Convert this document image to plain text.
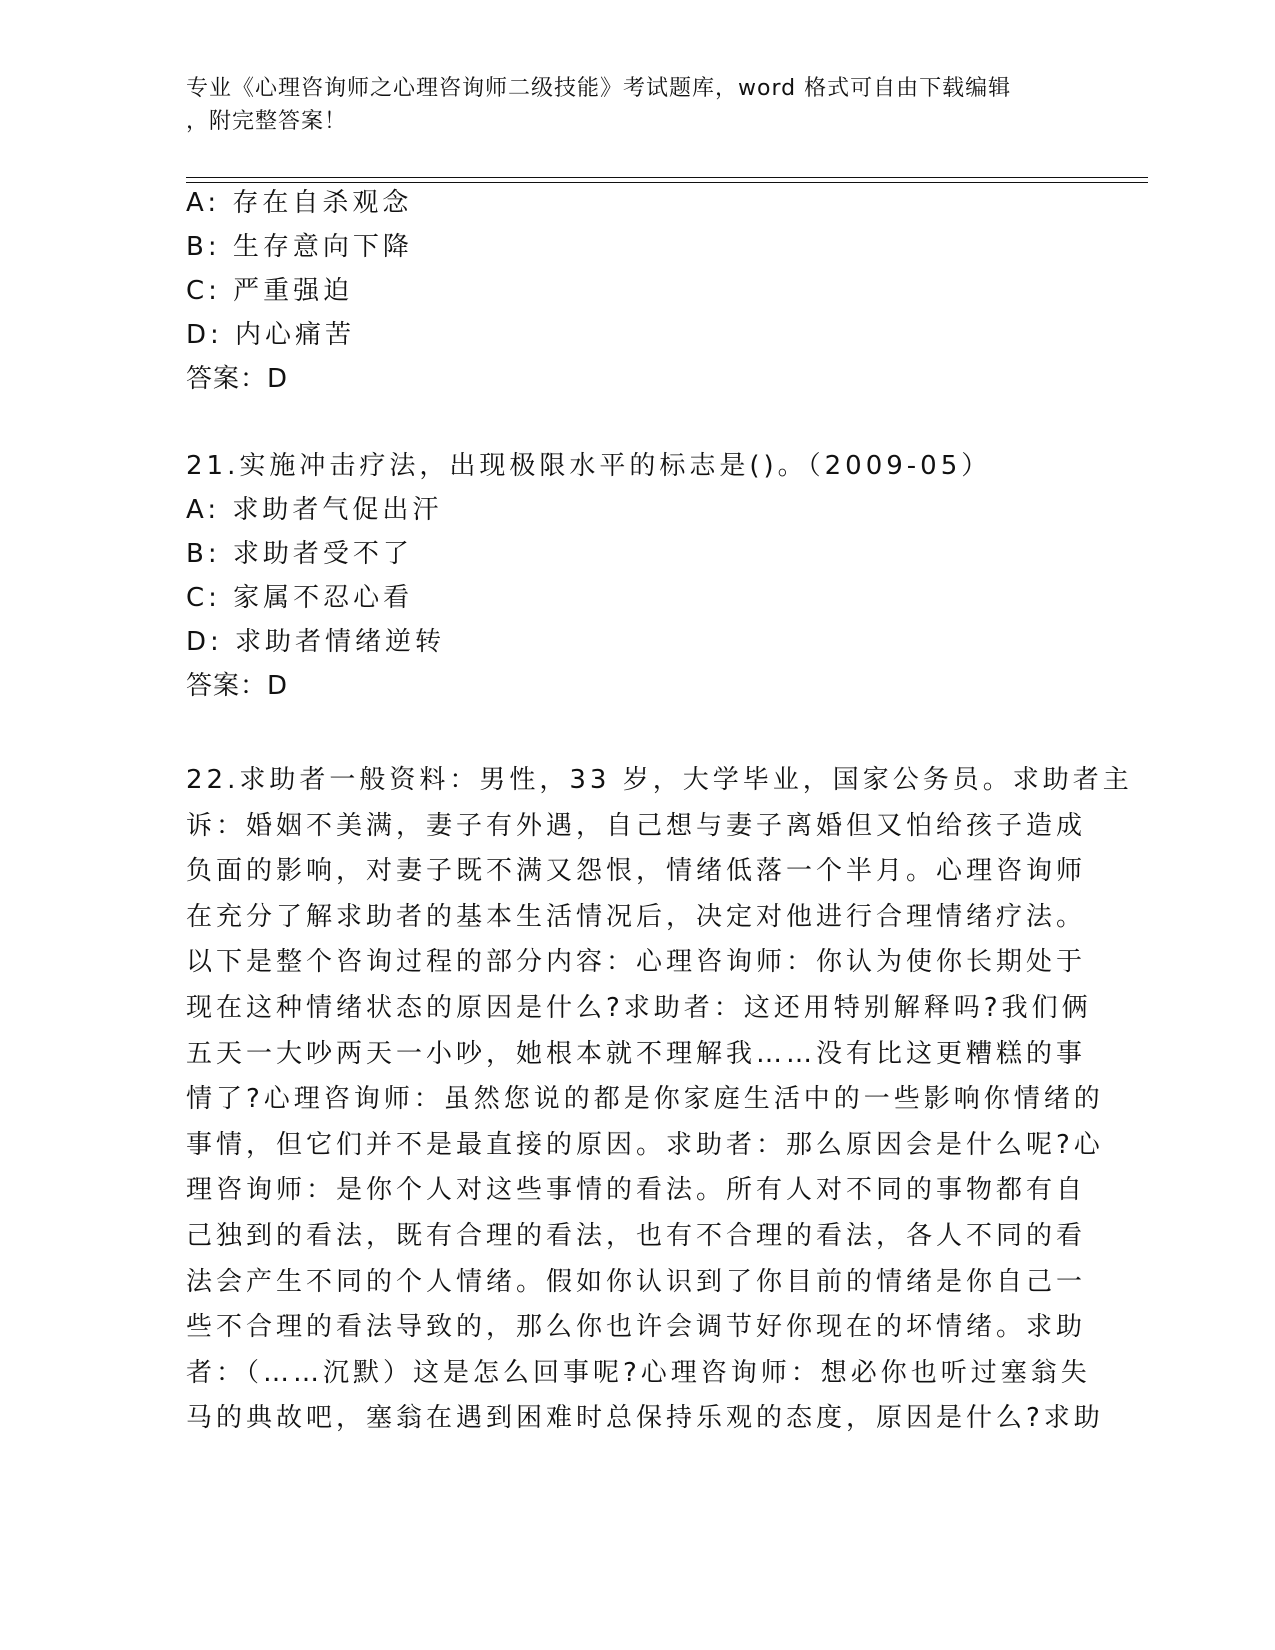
专业《心理咨询师之心理咨询师二级技能》考试题库，word 格式可自由下载编辑
，附完整答案！
A: 存在自杀观念
B: 生存意向下降
C: 严重强迫
D: 内心痛苦
答案：D
21.实施冲击疗法，出现极限水平的标志是()。（2009-05）
A: 求助者气促出汗
B: 求助者受不了
C: 家属不忍心看
D: 求助者情绪逆转
答案：D
22.求助者一般资料：男性，33 岁，大学毕业，国家公务员。求助者主
诉：婚姻不美满，妻子有外遇，自己想与妻子离婚但又怕给孩子造成
负面的影响，对妻子既不满又怨恨，情绪低落一个半月。心理咨询师
在充分了解求助者的基本生活情况后，决定对他进行合理情绪疗法。
以下是整个咨询过程的部分内容：心理咨询师：你认为使你长期处于
现在这种情绪状态的原因是什么?求助者：这还用特别解释吗?我们俩
五天一大吵两天一小吵，她根本就不理解我……没有比这更糟糕的事
情了?心理咨询师：虽然您说的都是你家庭生活中的一些影响你情绪的
事情，但它们并不是最直接的原因。求助者：那么原因会是什么呢?心
理咨询师：是你个人对这些事情的看法。所有人对不同的事物都有自
己独到的看法，既有合理的看法，也有不合理的看法，各人不同的看
法会产生不同的个人情绪。假如你认识到了你目前的情绪是你自己一
些不合理的看法导致的，那么你也许会调节好你现在的坏情绪。求助
者：（……沉默）这是怎么回事呢?心理咨询师：想必你也听过塞翁失
马的典故吧，塞翁在遇到困难时总保持乐观的态度，原因是什么?求助
